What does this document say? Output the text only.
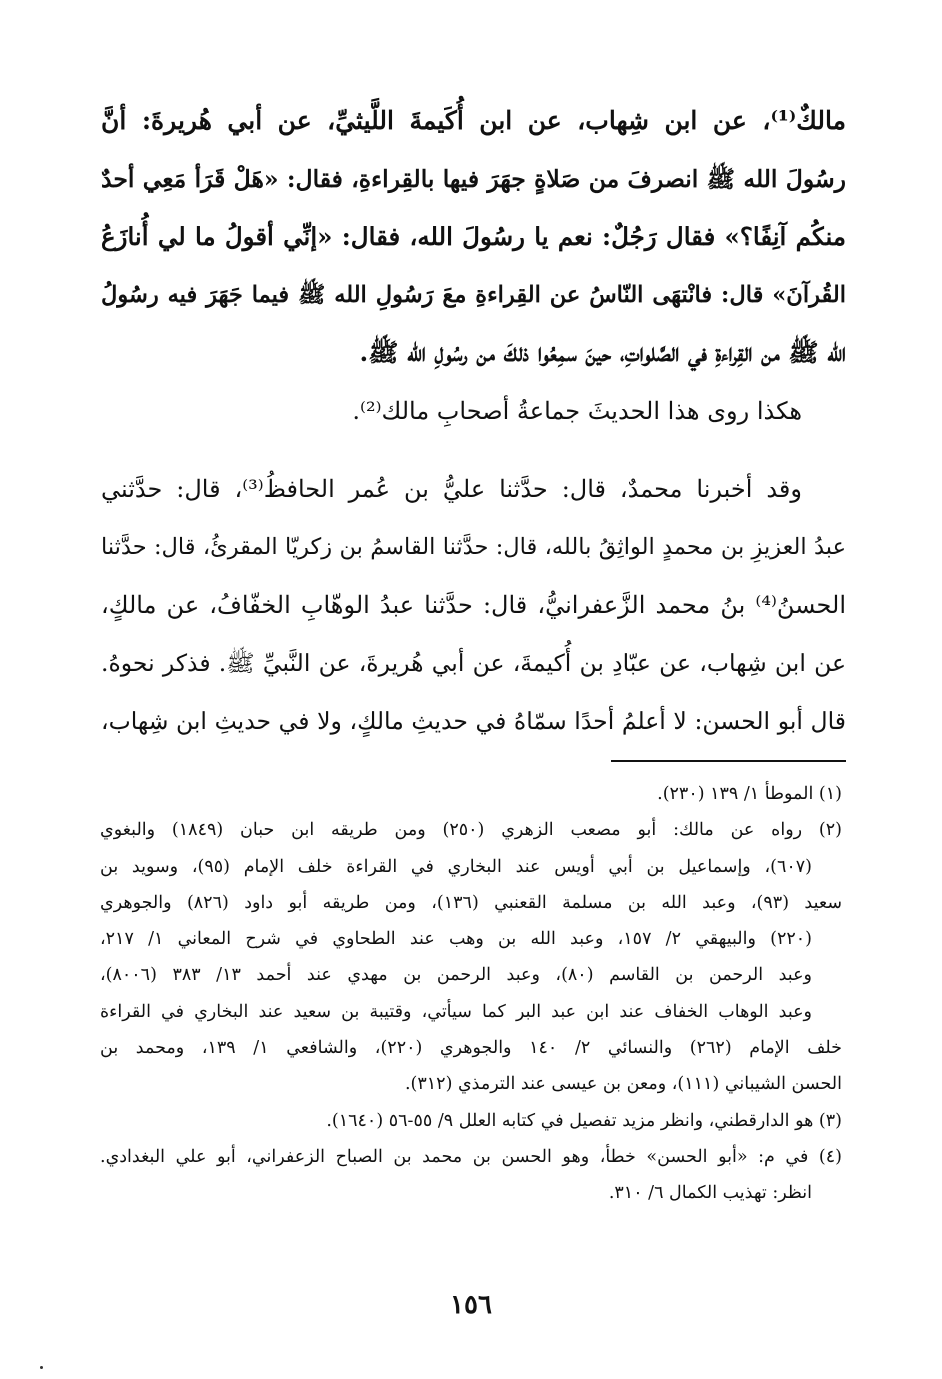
مالكٌ⁽¹⁾، عن ابن شِهاب، عن ابن أُكَيمةَ اللَّيثيِّ، عن أبي هُريرةَ: أنَّ
رسُولَ الله ﷺ انصرفَ من صَلاةٍ جهَرَ فيها بالقِراءةِ، فقال: «هَلْ قَرَأ مَعِي أحدٌ
منكُم آنِفًا؟» فقال رَجُلٌ: نعم يا رسُولَ الله، فقال: «إنِّي أقولُ ما لي أُنازَعُ
القُرآنَ» قال: فانْتهَى النّاسُ عن القِراءةِ معَ رَسُولِ الله ﷺ فيما جَهَرَ فيه رسُولُ
الله ﷺ من القِراءةِ في الصَّلواتِ، حينَ سمِعُوا ذلكَ من رسُولِ الله ﷺ.
هكذا روى هذا الحديثَ جماعةُ أصحابِ مالك⁽²⁾.
وقد أخبرنا محمدٌ، قال: حدَّثنا عليُّ بن عُمر الحافظُ⁽³⁾، قال: حدَّثني
عبدُ العزيزِ بن محمدٍ الواثِقُ بالله، قال: حدَّثنا القاسمُ بن زكريّا المقرئُ، قال: حدَّثنا
الحسنُ⁽⁴⁾ بنُ محمد الزَّعفرانيُّ، قال: حدَّثنا عبدُ الوهّابِ الخفّافُ، عن مالكٍ،
عن ابن شِهاب، عن عبّادِ بن أُكيمةَ، عن أبي هُريرةَ، عن النَّبيِّ ﷺ. فذكر نحوهُ.
قال أبو الحسن: لا أعلمُ أحدًا سمّاهُ في حديثِ مالكٍ، ولا في حديثِ ابن شِهاب،
(١) الموطأ ١/ ١٣٩ (٢٣٠).
(٢) رواه عن مالك: أبو مصعب الزهري (٢٥٠) ومن طريقه ابن حبان (١٨٤٩) والبغوي
(٦٠٧)، وإسماعيل بن أبي أويس عند البخاري في القراءة خلف الإمام (٩٥)، وسويد بن
سعيد (٩٣)، وعبد الله بن مسلمة القعنبي (١٣٦)، ومن طريقه أبو داود (٨٢٦) والجوهري
(٢٢٠) والبيهقي ٢/ ١٥٧، وعبد الله بن وهب عند الطحاوي في شرح المعاني ١/ ٢١٧،
وعبد الرحمن بن القاسم (٨٠)، وعبد الرحمن بن مهدي عند أحمد ١٣/ ٣٨٣ (٨٠٠٦)،
وعبد الوهاب الخفاف عند ابن عبد البر كما سيأتي، وقتيبة بن سعيد عند البخاري في القراءة
خلف الإمام (٢٦٢) والنسائي ٢/ ١٤٠ والجوهري (٢٢٠)، والشافعي ١/ ١٣٩، ومحمد بن
الحسن الشيباني (١١١)، ومعن بن عيسى عند الترمذي (٣١٢).
(٣) هو الدارقطني، وانظر مزيد تفصيل في كتابه العلل ٩/ ٥٥-٥٦ (١٦٤٠).
(٤) في م: «أبو الحسن» خطأ، وهو الحسن بن محمد بن الصباح الزعفراني، أبو علي البغدادي.
انظر: تهذيب الكمال ٦/ ٣١٠.
١٥٦
